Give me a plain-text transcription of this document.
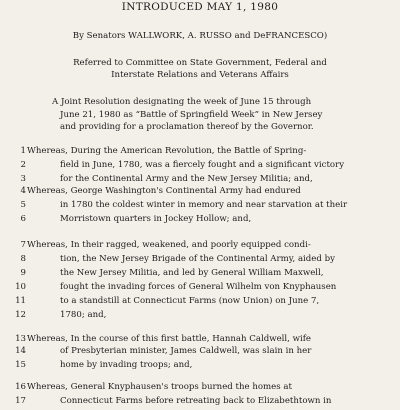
INTRODUCED MAY 1, 1980
By Senators WALLWORK, A. RUSSO and DeFRANCESCO)
Referred to Committee on State Government, Federal and
Interstate Relations and Veterans Affairs
A Joint Resolution designating the week of June 15 through
June 21, 1980 as “Battle of Springfield Week” in New Jersey
and providing for a proclamation thereof by the Governor.
1 Whereas, During the American Revolution, the Battle of Spring-
2	field in June, 1780, was a fiercely fought and a significant victory
3	for the Continental Army and the New Jersey Militia; and,
4 Whereas, George Washington's Continental Army had endured
5	in 1780 the coldest winter in memory and near starvation at their
6	Morristown quarters in Jockey Hollow; and,
7 Whereas, In their ragged, weakened, and poorly equipped condi-
8	tion, the New Jersey Brigade of the Continental Army, aided by
9	the New Jersey Militia, and led by General William Maxwell,
10	fought the invading forces of General Wilhelm von Knyphausen
11	to a standstill at Connecticut Farms (now Union) on June 7,
12	1780; and,
13 Whereas, In the course of this first battle, Hannah Caldwell, wife
14	of Presbyterian minister, James Caldwell, was slain in her
15	home by invading troops; and,
16 Whereas, General Knyphausen's troops burned the homes at
17	Connecticut Farms before retreating back to Elizabethtown in
